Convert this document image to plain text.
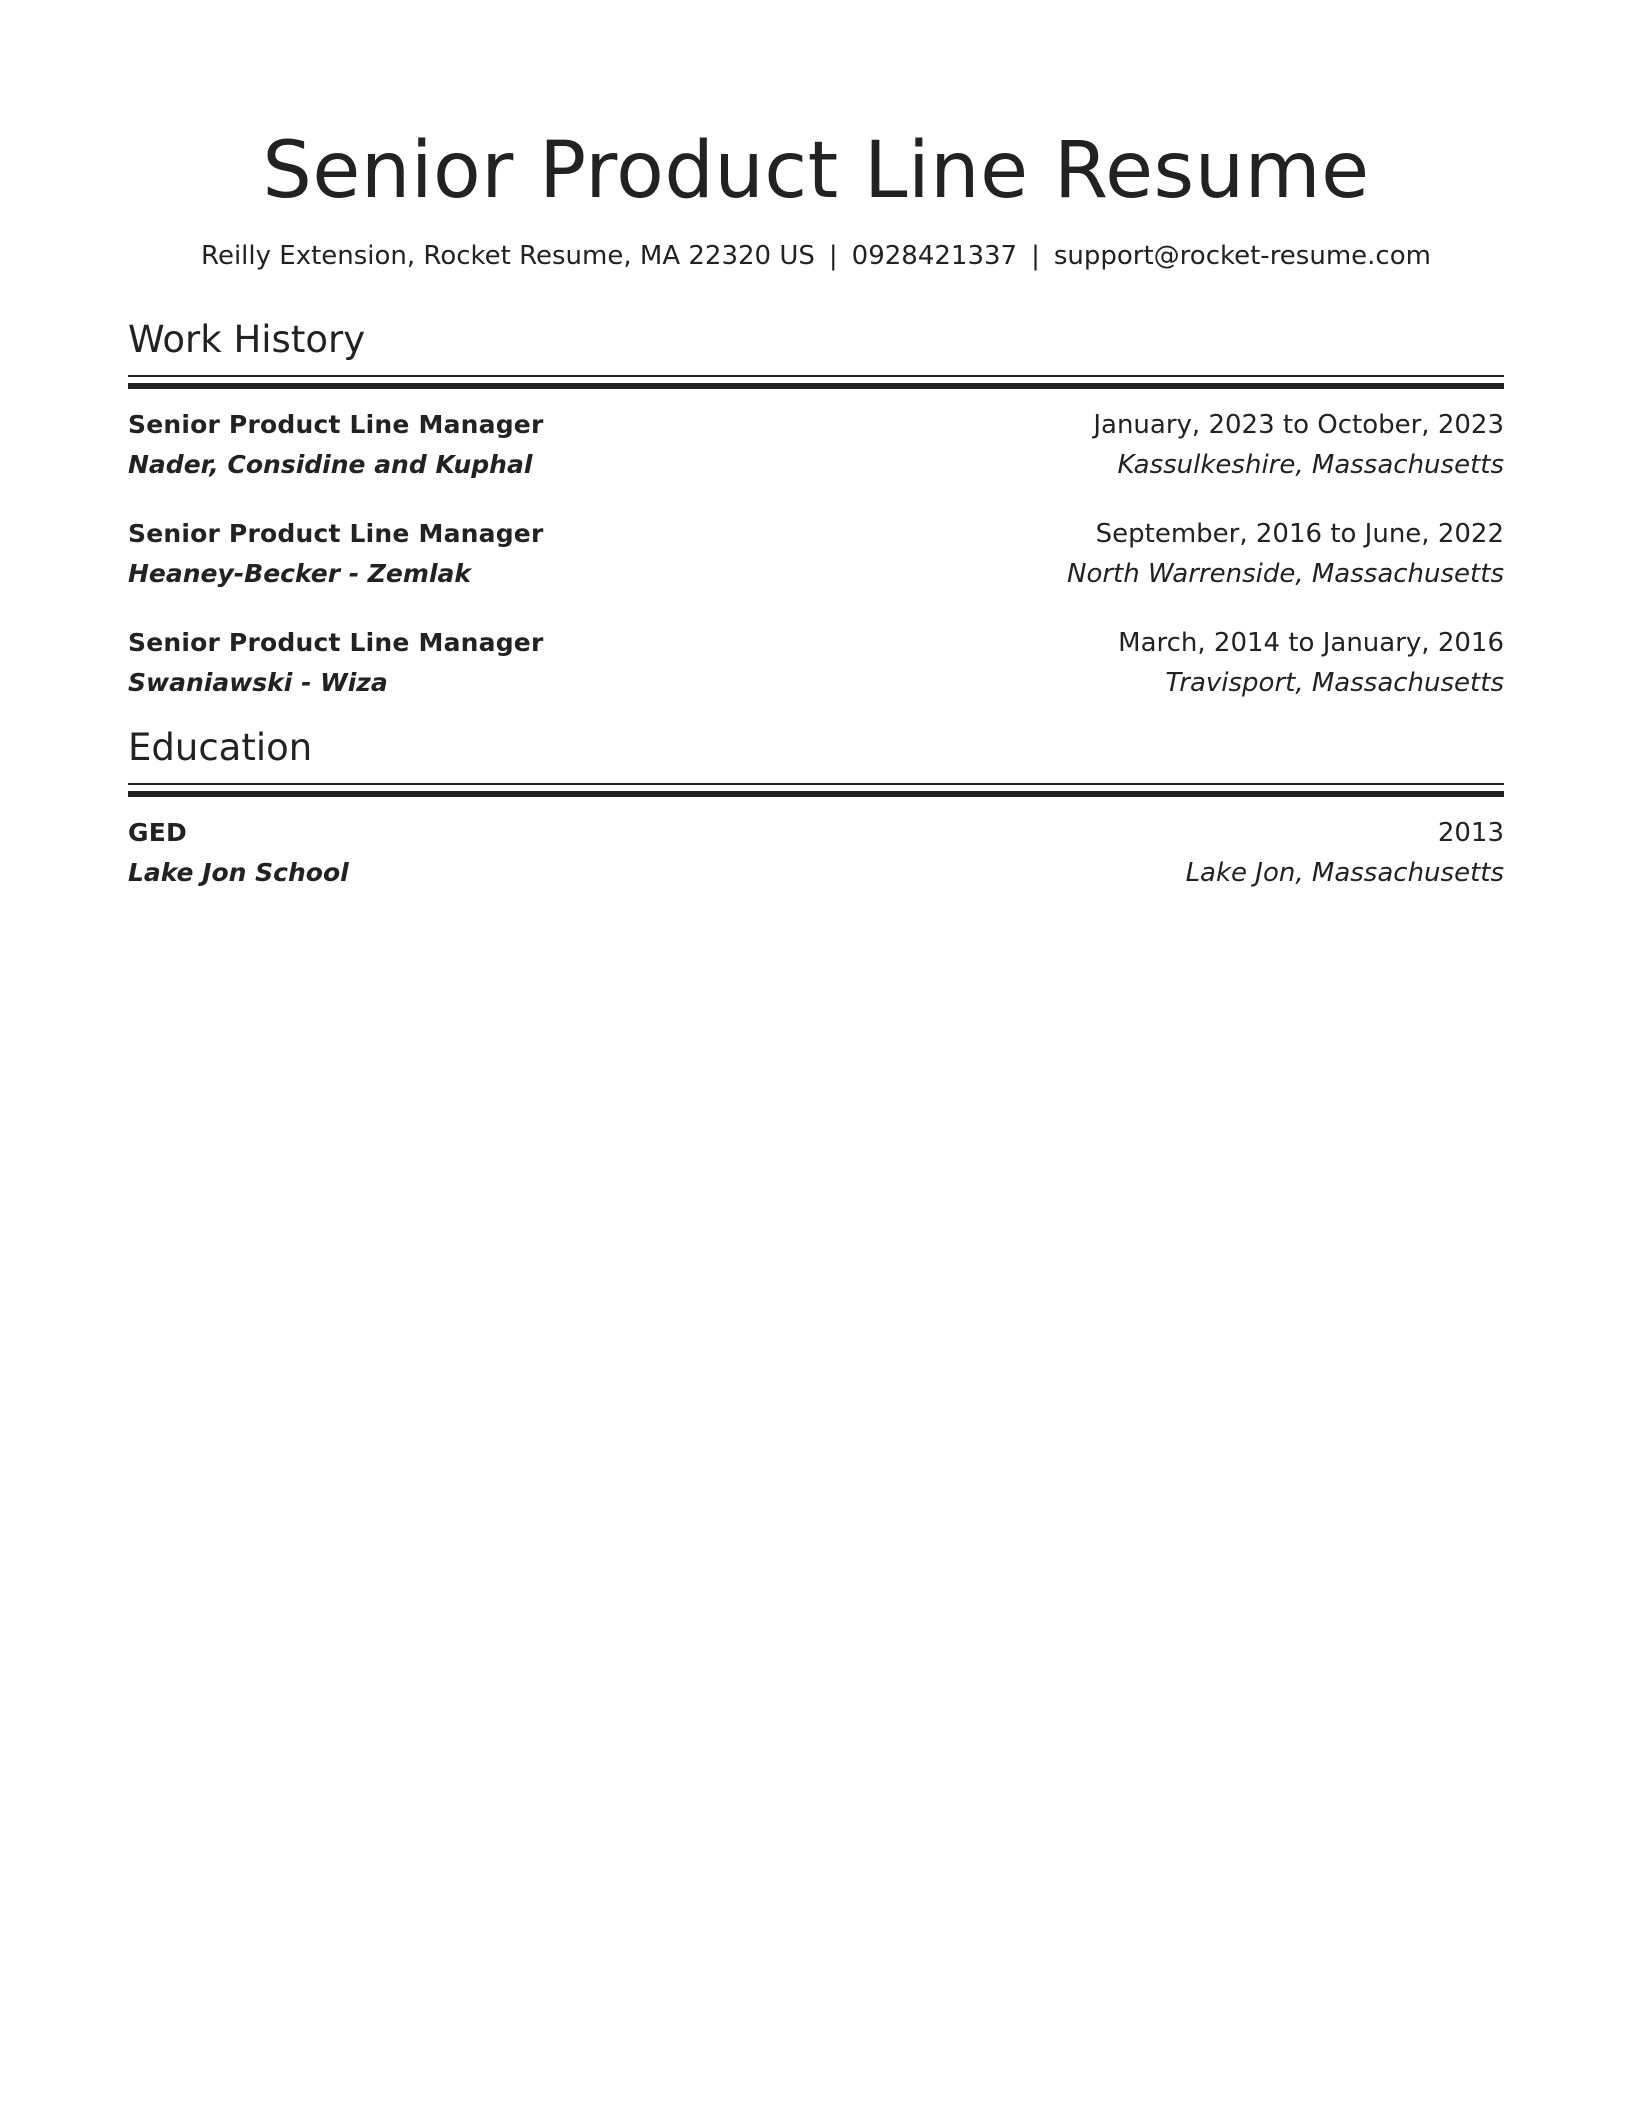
Senior Product Line Resume
Reilly Extension, Rocket Resume, MA 22320 US | 0928421337 | support@rocket-resume.com
Work History
Senior Product Line Manager	January, 2023 to October, 2023
Nader, Considine and Kuphal	Kassulkeshire, Massachusetts
Senior Product Line Manager	September, 2016 to June, 2022
Heaney-Becker - Zemlak	North Warrenside, Massachusetts
Senior Product Line Manager	March, 2014 to January, 2016
Swaniawski - Wiza	Travisport, Massachusetts
Education
GED	2013
Lake Jon School	Lake Jon, Massachusetts
